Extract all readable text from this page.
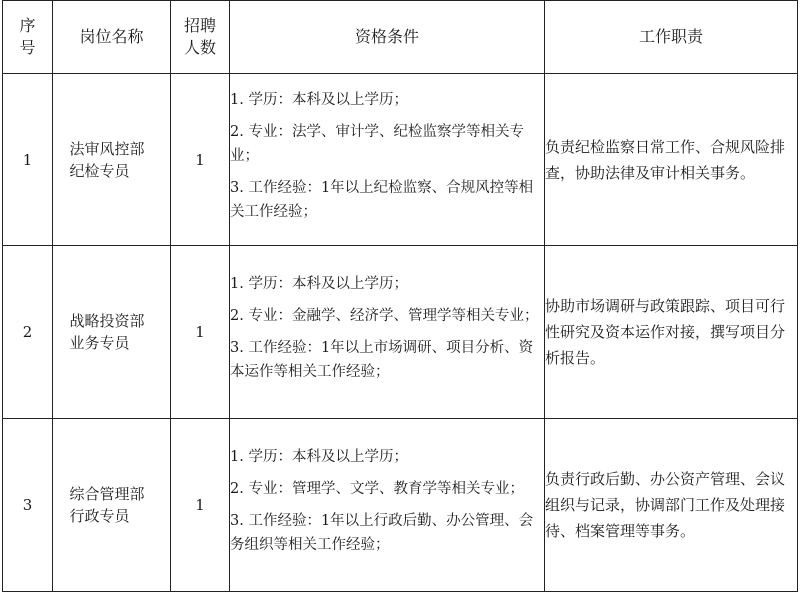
序号	岗位名称	招聘人数	资格条件	工作职责
1	法审风控部纪检专员	1	1. 学历：本科及以上学历；

2. 专业：法学、审计学、纪检监察学等相关专业；

3. 工作经验：1年以上纪检监察、合规风控等相关工作经验；	负责纪检监察日常工作、合规风险排查，协助法律及审计相关事务。
2	战略投资部业务专员	1	1. 学历：本科及以上学历；

2. 专业：金融学、经济学、管理学等相关专业；

3. 工作经验：1年以上市场调研、项目分析、资本运作等相关工作经验；	协助市场调研与政策跟踪、项目可行性研究及资本运作对接，撰写项目分析报告。
3	综合管理部行政专员	1	1. 学历：本科及以上学历；

2. 专业：管理学、文学、教育学等相关专业；

3. 工作经验：1年以上行政后勤、办公管理、会务组织等相关工作经验；	负责行政后勤、办公资产管理、会议组织与记录，协调部门工作及处理接待、档案管理等事务。
